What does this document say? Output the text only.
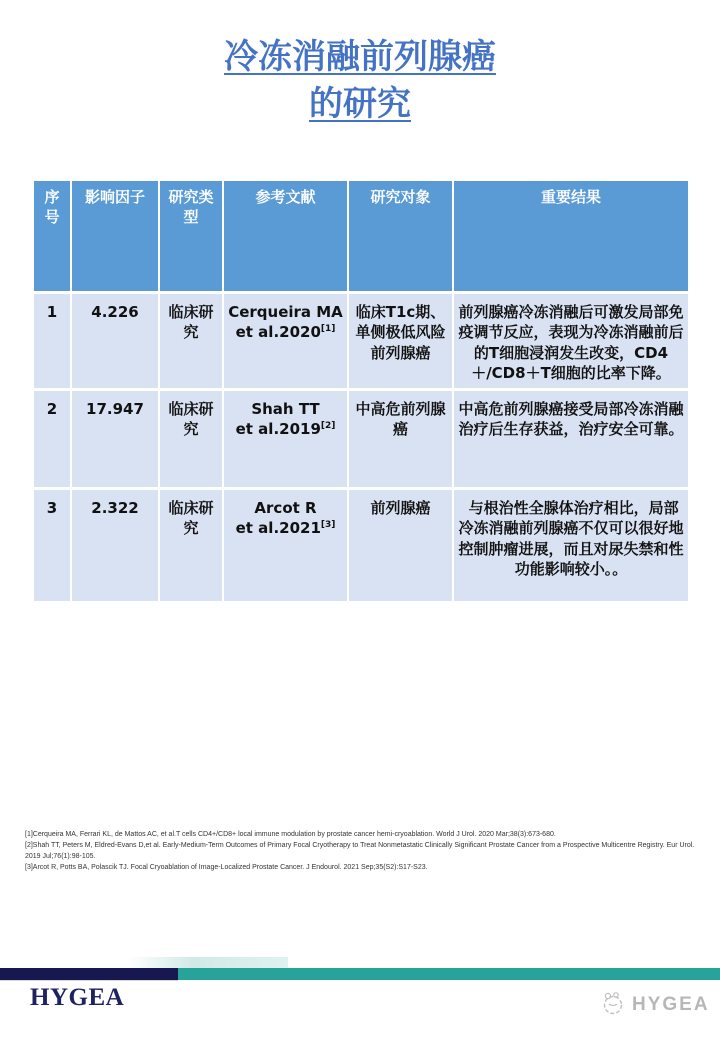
冷冻消融前列腺癌
的研究
序号	影响因子	研究类型	参考文献	研究对象	重要结果
1	4.226	临床研究	Cerqueira MA
et al.2020[1]	临床T1c期、单侧极低风险前列腺癌	前列腺癌冷冻消融后可激发局部免疫调节反应，表现为冷冻消融前后的T细胞浸润发生改变，CD4＋/CD8＋T细胞的比率下降。
2	17.947	临床研究	Shah TT
et al.2019[2]	中高危前列腺癌	中高危前列腺癌接受局部冷冻消融治疗后生存获益，治疗安全可靠。
3	2.322	临床研究	Arcot R
et al.2021[3]	前列腺癌	与根治性全腺体治疗相比，局部冷冻消融前列腺癌不仅可以很好地控制肿瘤进展，而且对尿失禁和性功能影响较小。。
[1]Cerqueira MA, Ferrari KL, de Mattos AC, et al.T cells CD4+/CD8+ local immune modulation by prostate cancer hemi-cryoablation. World J Urol. 2020 Mar;38(3):673-680.
[2]Shah TT, Peters M, Eldred-Evans D,et al. Early-Medium-Term Outcomes of Primary Focal Cryotherapy to Treat Nonmetastatic Clinically Significant Prostate Cancer from a Prospective Multicentre Registry. Eur Urol. 2019 Jul;76(1):98-105.
[3]Arcot R, Potts BA, Polascik TJ. Focal Cryoablation of Image-Localized Prostate Cancer. J Endourol. 2021 Sep;35(S2):S17-S23.
HYGEA	HYGEA
